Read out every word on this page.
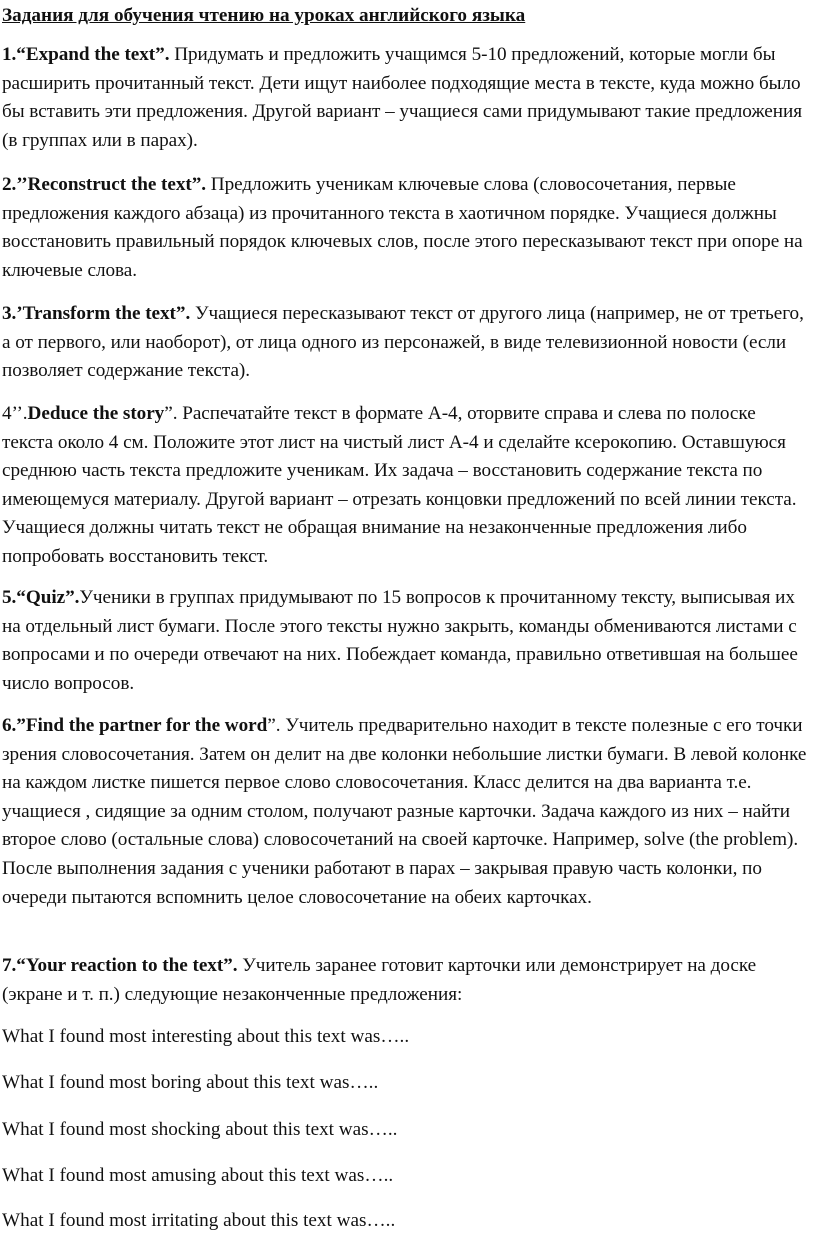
Задания для обучения чтению на уроках английского языка

1.“Expand the text”. Придумать и предложить учащимся 5-10 предложений, которые могли бы расширить прочитанный текст. Дети ищут наиболее подходящие места в тексте, куда можно было бы вставить эти предложения. Другой вариант – учащиеся сами придумывают такие предложения (в группах или в парах).

2.’’Reconstruct the text”. Предложить ученикам ключевые слова (словосочетания, первые предложения каждого абзаца) из прочитанного текста в хаотичном порядке. Учащиеся должны восстановить правильный порядок ключевых слов, после этого пересказывают текст при опоре на ключевые слова.

3.’Transform the text”. Учащиеся пересказывают текст от другого лица (например, не от третьего, а от первого, или наоборот), от лица одного из персонажей, в виде телевизионной новости (если позволяет содержание текста).

4’’.Deduce the story”. Распечатайте текст в формате А-4, оторвите справа и слева по полоске текста около 4 см. Положите этот лист на чистый лист А-4 и сделайте ксерокопию. Оставшуюся среднюю часть текста предложите ученикам. Их задача – восстановить содержание текста по имеющемуся материалу. Другой вариант – отрезать концовки предложений по всей линии текста. Учащиеся должны читать текст не обращая внимание на незаконченные предложения либо попробовать восстановить текст.

5.“Quiz”.Ученики в группах придумывают по 15 вопросов к прочитанному тексту, выписывая их на отдельный лист бумаги. После этого тексты нужно закрыть, команды обмениваются листами с вопросами и по очереди отвечают на них. Побеждает команда, правильно ответившая на большее число вопросов.

6.”Find the partner for the word”. Учитель предварительно находит в тексте полезные с его точки зрения словосочетания. Затем он делит на две колонки небольшие листки бумаги. В левой колонке на каждом листке пишется первое слово словосочетания. Класс делится на два варианта т.е. учащиеся , сидящие за одним столом, получают разные карточки. Задача каждого из них – найти второе слово (остальные слова) словосочетаний на своей карточке. Например, solve (the problem). После выполнения задания с ученики работают в парах – закрывая правую часть колонки, по очереди пытаются вспомнить целое словосочетание на обеих карточках.

7.“Your reaction to the text”. Учитель заранее готовит карточки или демонстрирует на доске (экране и т. п.) следующие незаконченные предложения:

What I found most interesting about this text was…..
What I found most boring about this text was…..
What I found most shocking about this text was…..
What I found most amusing about this text was…..
What I found most irritating about this text was…..
